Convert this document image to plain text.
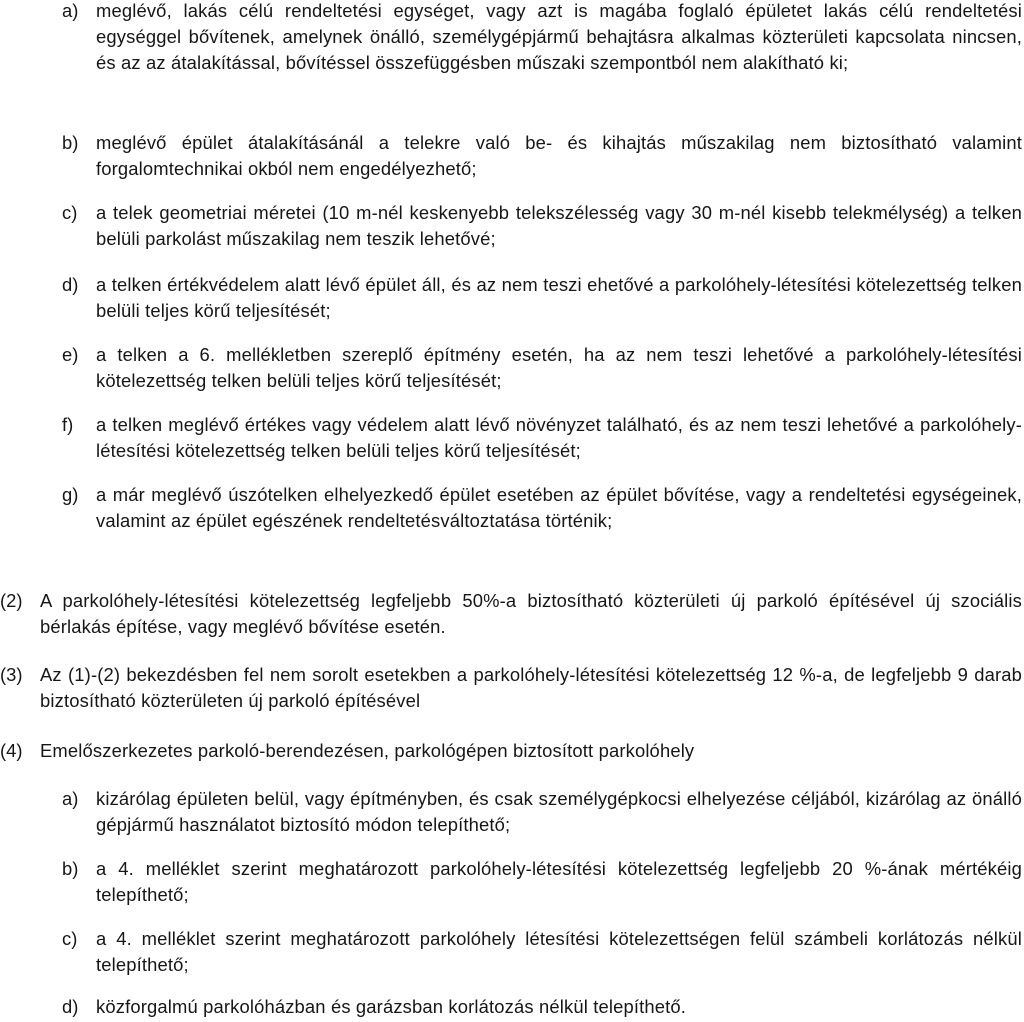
a) meglévő, lakás célú rendeltetési egységet, vagy azt is magába foglaló épületet lakás célú rendeltetési egységgel bővítenek, amelynek önálló, személygépjármű behajtásra alkalmas közterületi kapcsolata nincsen, és az az átalakítással, bővítéssel összefüggésben műszaki szempontból nem alakítható ki;
b) meglévő épület átalakításánál a telekre való be- és kihajtás műszakilag nem biztosítható valamint forgalomtechnikai okból nem engedélyezhető;
c) a telek geometriai méretei (10 m-nél keskenyebb telekszélesség vagy 30 m-nél kisebb telekmélység) a telken belüli parkolást műszakilag nem teszik lehetővé;
d) a telken értékvédelem alatt lévő épület áll, és az nem teszi ehetővé a parkolóhely-létesítési kötelezettség telken belüli teljes körű teljesítését;
e) a telken a 6. mellékletben szereplő építmény esetén, ha az nem teszi lehetővé a parkolóhely-létesítési kötelezettség telken belüli teljes körű teljesítését;
f) a telken meglévő értékes vagy védelem alatt lévő növényzet található, és az nem teszi lehetővé a parkolóhely-létesítési kötelezettség telken belüli teljes körű teljesítését;
g) a már meglévő úszótelken elhelyezkedő épület esetében az épület bővítése, vagy a rendeltetési egységeinek, valamint az épület egészének rendeltetésváltoztatása történik;
(2) A parkolóhely-létesítési kötelezettség legfeljebb 50%-a biztosítható közterületi új parkoló építésével új szociális bérlakás építése, vagy meglévő bővítése esetén.
(3) Az (1)-(2) bekezdésben fel nem sorolt esetekben a parkolóhely-létesítési kötelezettség 12 %-a, de legfeljebb 9 darab biztosítható közterületen új parkoló építésével
(4) Emelőszerkezetes parkoló-berendezésen, parkológépen biztosított parkolóhely
a) kizárólag épületen belül, vagy építményben, és csak személygépkocsi elhelyezése céljából, kizárólag az önálló gépjármű használatot biztosító módon telepíthető;
b) a 4. melléklet szerint meghatározott parkolóhely-létesítési kötelezettség legfeljebb 20 %-ának mértékéig telepíthető;
c) a 4. melléklet szerint meghatározott parkolóhely létesítési kötelezettségen felül számbeli korlátozás nélkül telepíthető;
d) közforgalmú parkolóházban és garázsban korlátozás nélkül telepíthető.
